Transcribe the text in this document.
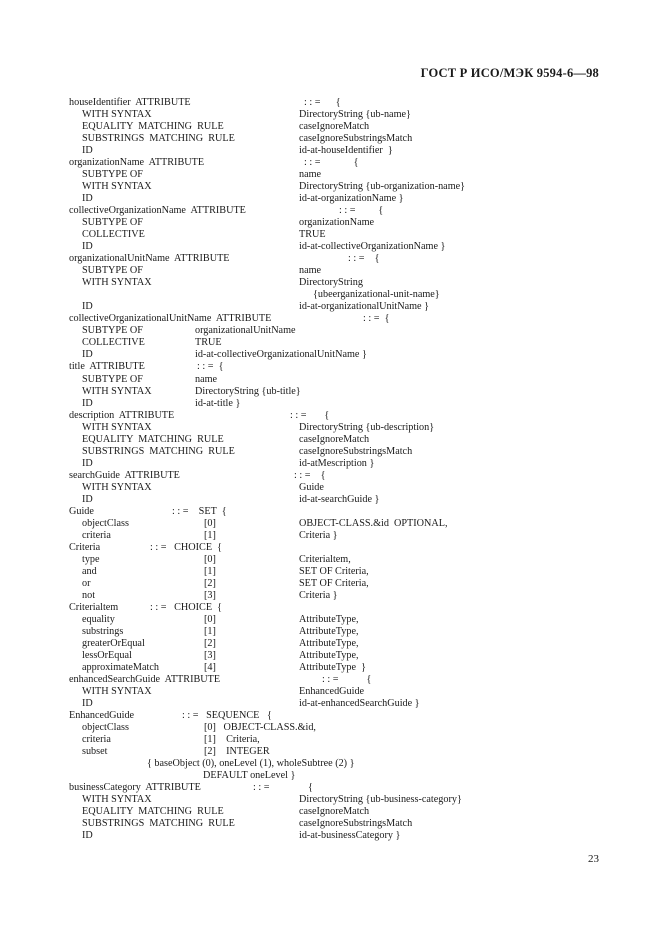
ГОСТ Р ИСО/МЭК 9594-6—98
houseIdentifier  ATTRIBUTE	: : =      {
WITH SYNTAX	DirectoryString {ub-name}
EQUALITY  MATCHING  RULE	caseIgnoreMatch
SUBSTRINGS  MATCHING  RULE	caseIgnoreSubstringsMatch
ID	id-at-houseIdentifier  }
organizationName  ATTRIBUTE	: : =             {
SUBTYPE OF	name
WITH SYNTAX	DirectoryString {ub-organization-name}
ID	id-at-organizationName }
collectiveOrganizationName  ATTRIBUTE	: : =         {
SUBTYPE OF	organizationName
COLLECTIVE	TRUE
ID	id-at-collectiveOrganizationName }
organizationalUnitName  ATTRIBUTE	: : =    {
SUBTYPE OF	name
WITH SYNTAX	DirectoryString
{ubeerganizational-unit-name}
ID	id-at-organizationalUnitName }
collectiveOrganizationalUnitName  ATTRIBUTE	: : =  {
SUBTYPE OF	organizationalUnitName
COLLECTIVE	TRUE
ID	id-at-collectiveOrganizationalUnitName }
title  ATTRIBUTE	: : =  {
SUBTYPE OF	name
WITH SYNTAX	DirectoryString {ub-title}
ID	id-at-title }
description  ATTRIBUTE	: : =       {
WITH SYNTAX	DirectoryString {ub-description}
EQUALITY  MATCHING  RULE	caseIgnoreMatch
SUBSTRINGS  MATCHING  RULE	caseIgnoreSubstringsMatch
ID	id-atMescription }
searchGuide  ATTRIBUTE	: : =    {
WITH SYNTAX	Guide
ID	id-at-searchGuide }
Guide	: : =    SET  {
objectClass	[0]	OBJECT-CLASS.&id  OPTIONAL,
criteria	[1]	Criteria }
Criteria	: : =   CHOICE  {
type	[0]	Criterialtem,
and	[1]	SET OF Criteria,
or	[2]	SET OF Criteria,
not	[3]	Criteria }
Criterialtem	: : =   CHOICE  {
equality	[0]	AttributeType,
substrings	[1]	AttributeType,
greaterOrEqual	[2]	AttributeType,
lessOrEqual	[3]	AttributeType,
approximateMatch	[4]	AttributeType  }
enhancedSearchGuide  ATTRIBUTE	: : =           {
WITH SYNTAX	EnhancedGuide
ID	id-at-enhancedSearchGuide }
EnhancedGuide	: : =   SEQUENCE   {
objectClass	[0]   OBJECT-CLASS.&id,
criteria	[1]    Criteria,
subset	[2]    INTEGER
{ baseObject (0), oneLevel (1), wholeSubtree (2) }
DEFAULT oneLevel }
businessCategory  ATTRIBUTE	: : =	{
WITH SYNTAX	DirectoryString {ub-business-category}
EQUALITY  MATCHING  RULE	caseIgnoreMatch
SUBSTRINGS  MATCHING  RULE	caseIgnoreSubstringsMatch
ID	id-at-businessCategory }
23
